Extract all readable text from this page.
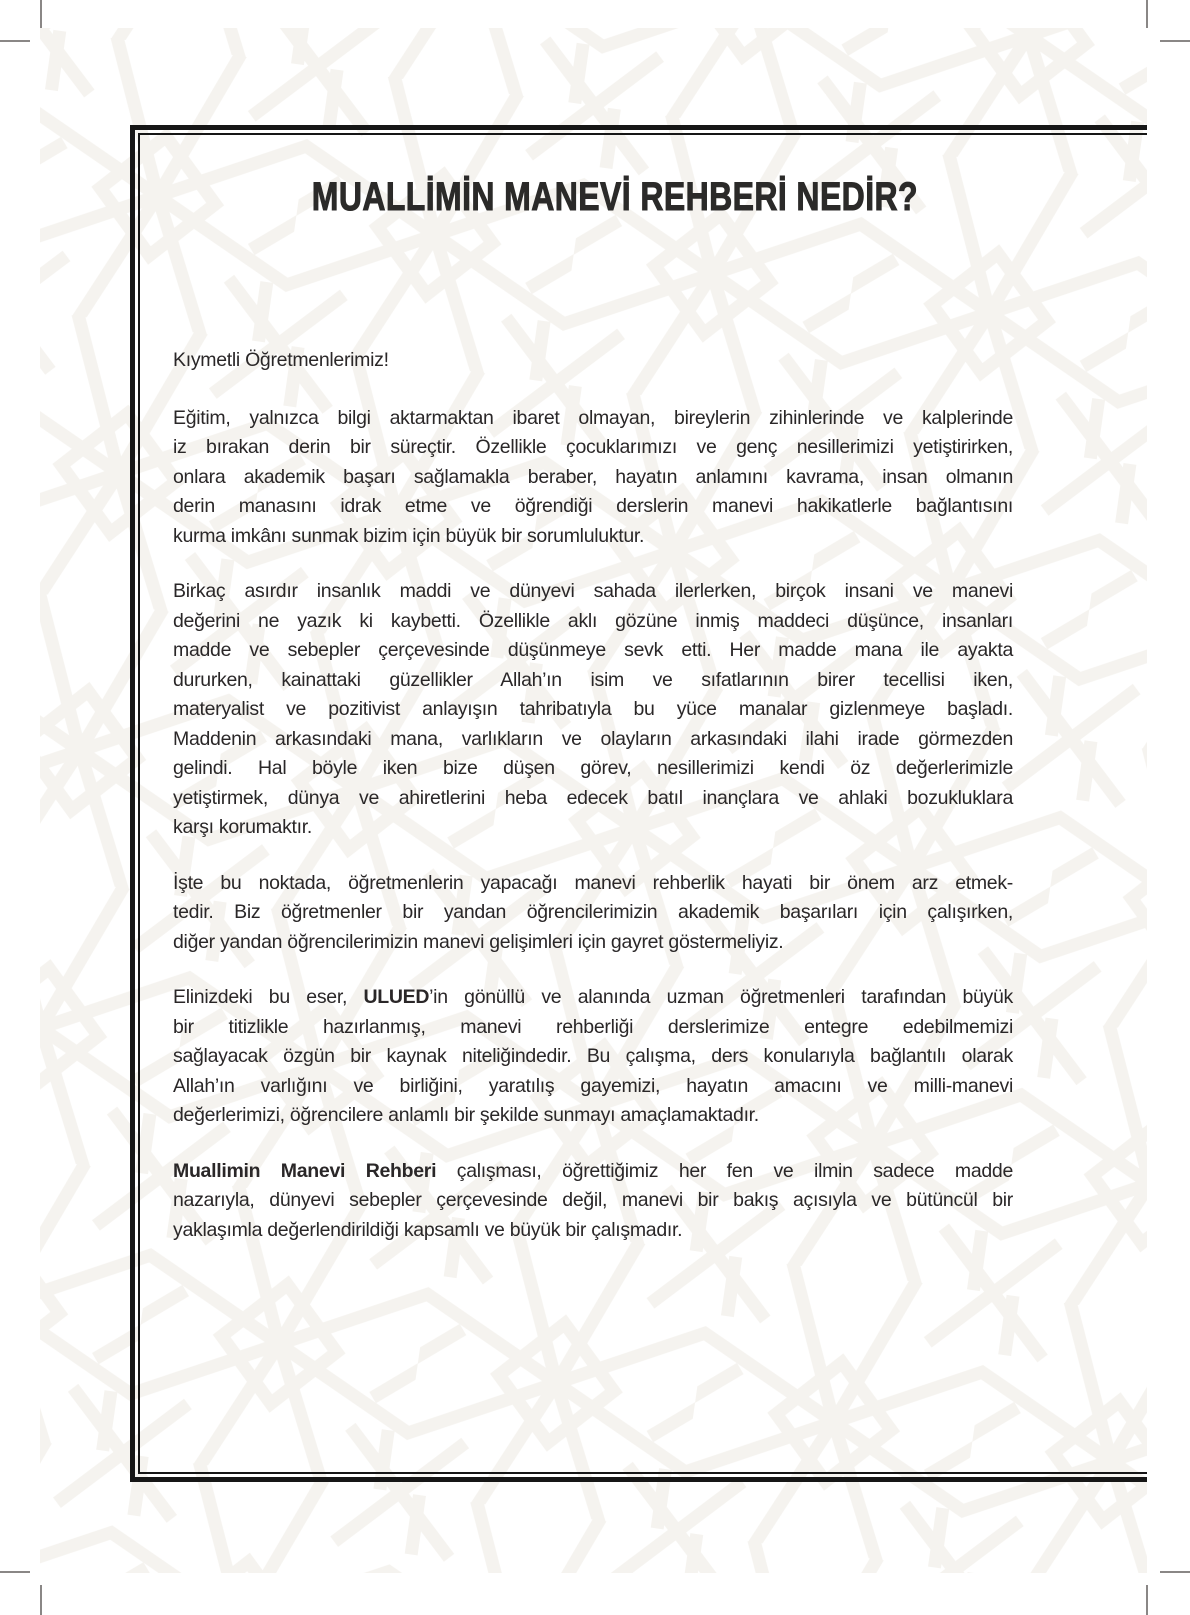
MUALLİMİN MANEVİ REHBERİ NEDİR?
Kıymetli Öğretmenlerimiz!
Eğitim, yalnızca bilgi aktarmaktan ibaret olmayan, bireylerin zihinlerinde ve kalplerinde
iz bırakan derin bir süreçtir. Özellikle çocuklarımızı ve genç nesillerimizi yetiştirirken,
onlara akademik başarı sağlamakla beraber, hayatın anlamını kavrama, insan olmanın
derin manasını idrak etme ve öğrendiği derslerin manevi hakikatlerle bağlantısını
kurma imkânı sunmak bizim için büyük bir sorumluluktur.
Birkaç asırdır insanlık maddi ve dünyevi sahada ilerlerken, birçok insani ve manevi
değerini ne yazık ki kaybetti. Özellikle aklı gözüne inmiş maddeci düşünce, insanları
madde ve sebepler çerçevesinde düşünmeye sevk etti. Her madde mana ile ayakta
dururken, kainattaki güzellikler Allah’ın isim ve sıfatlarının birer tecellisi iken,
materyalist ve pozitivist anlayışın tahribatıyla bu yüce manalar gizlenmeye başladı.
Maddenin arkasındaki mana, varlıkların ve olayların arkasındaki ilahi irade görmezden
gelindi. Hal böyle iken bize düşen görev, nesillerimizi kendi öz değerlerimizle
yetiştirmek, dünya ve ahiretlerini heba edecek batıl inançlara ve ahlaki bozukluklara
karşı korumaktır.
İşte bu noktada, öğretmenlerin yapacağı manevi rehberlik hayati bir önem arz etmek-
tedir. Biz öğretmenler bir yandan öğrencilerimizin akademik başarıları için çalışırken,
diğer yandan öğrencilerimizin manevi gelişimleri için gayret göstermeliyiz.
Elinizdeki bu eser, ULUED’in gönüllü ve alanında uzman öğretmenleri tarafından büyük
bir titizlikle hazırlanmış, manevi rehberliği derslerimize entegre edebilmemizi
sağlayacak özgün bir kaynak niteliğindedir. Bu çalışma, ders konularıyla bağlantılı olarak
Allah’ın varlığını ve birliğini, yaratılış gayemizi, hayatın amacını ve milli-manevi
değerlerimizi, öğrencilere anlamlı bir şekilde sunmayı amaçlamaktadır.
Muallimin Manevi Rehberi çalışması, öğrettiğimiz her fen ve ilmin sadece madde
nazarıyla, dünyevi sebepler çerçevesinde değil, manevi bir bakış açısıyla ve bütüncül bir
yaklaşımla değerlendirildiği kapsamlı ve büyük bir çalışmadır.
